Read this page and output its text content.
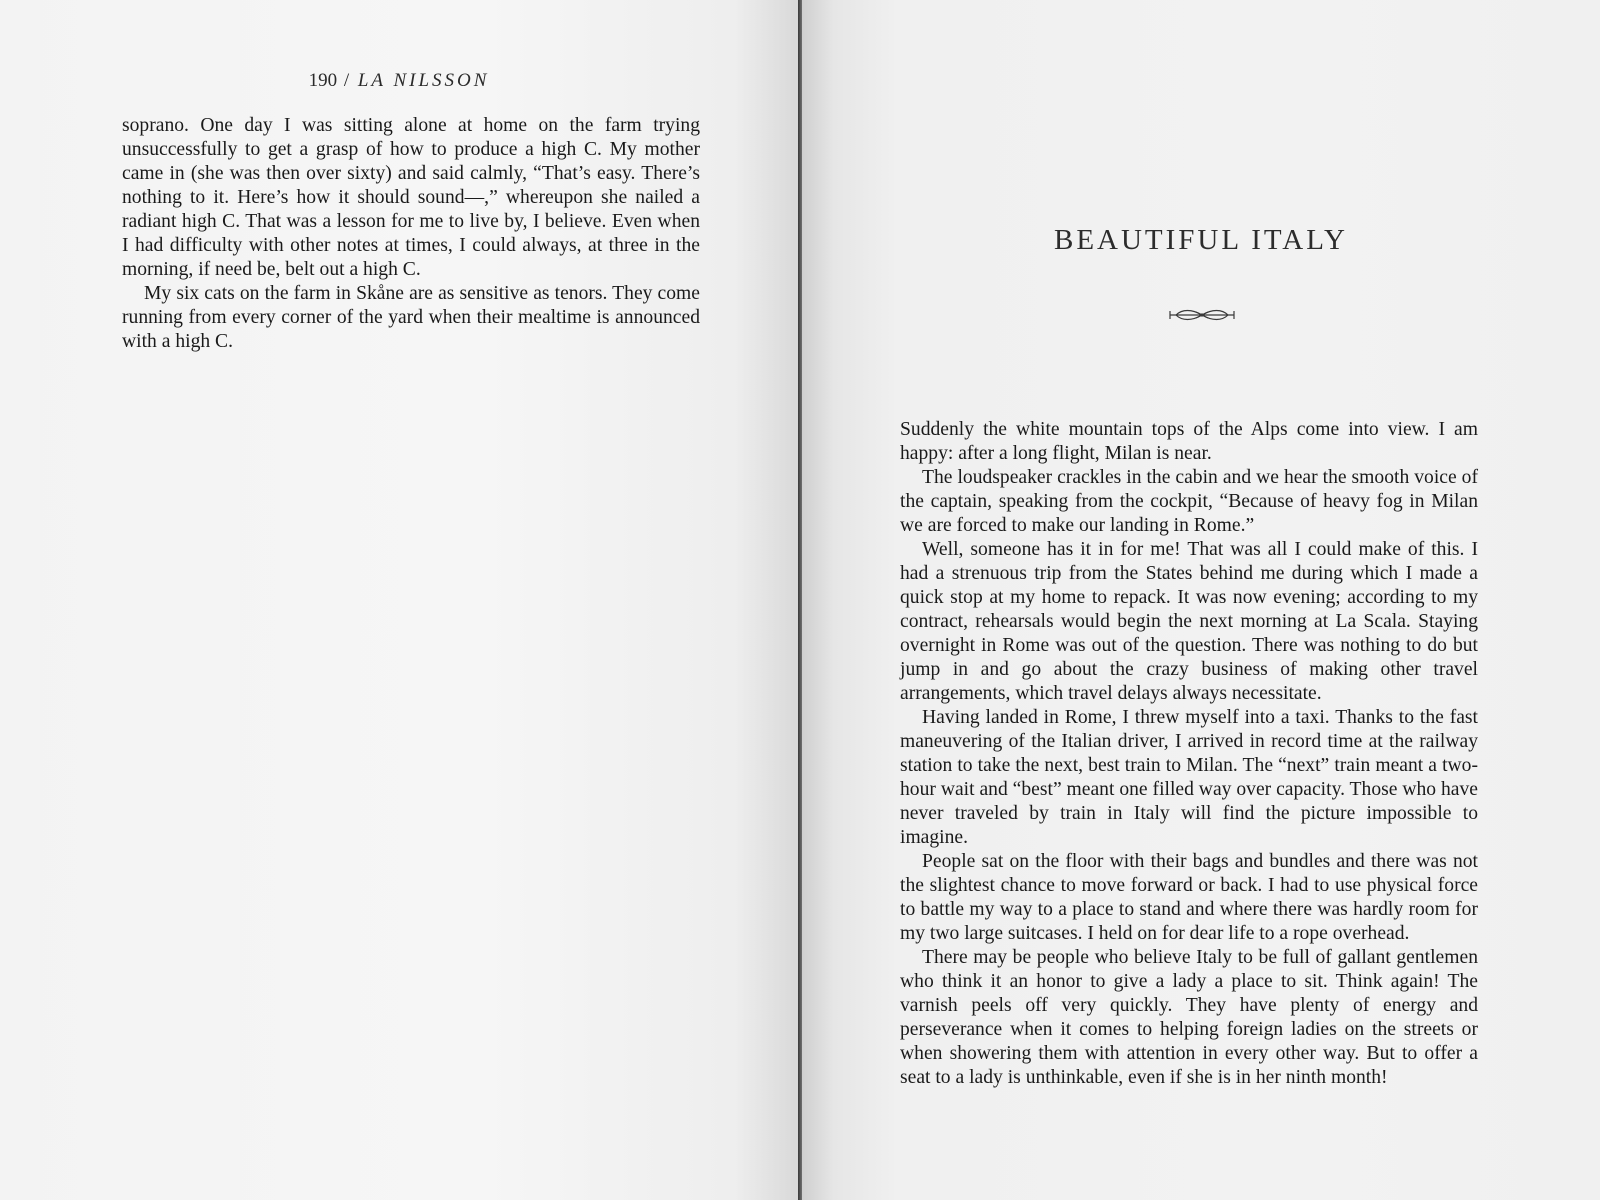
190 / LA NILSSON

soprano. One day I was sitting alone at home on the farm trying unsuccessfully to get a grasp of how to produce a high C. My mother came in (she was then over sixty) and said calmly, “That’s easy. There’s nothing to it. Here’s how it should sound—,” whereupon she nailed a radiant high C. That was a lesson for me to live by, I believe. Even when I had difficulty with other notes at times, I could always, at three in the morning, if need be, belt out a high C.

My six cats on the farm in Skåne are as sensitive as tenors. They come running from every corner of the yard when their mealtime is announced with a high C.

BEAUTIFUL ITALY

Suddenly the white mountain tops of the Alps come into view. I am happy: after a long flight, Milan is near.

The loudspeaker crackles in the cabin and we hear the smooth voice of the captain, speaking from the cockpit, “Because of heavy fog in Milan we are forced to make our landing in Rome.”

Well, someone has it in for me! That was all I could make of this. I had a strenuous trip from the States behind me during which I made a quick stop at my home to repack. It was now evening; according to my contract, rehearsals would begin the next morning at La Scala. Staying overnight in Rome was out of the question. There was nothing to do but jump in and go about the crazy business of making other travel arrangements, which travel delays always necessitate.

Having landed in Rome, I threw myself into a taxi. Thanks to the fast maneuvering of the Italian driver, I arrived in record time at the railway station to take the next, best train to Milan. The “next” train meant a two-hour wait and “best” meant one filled way over capacity. Those who have never traveled by train in Italy will find the picture impossible to imagine.

People sat on the floor with their bags and bundles and there was not the slightest chance to move forward or back. I had to use physical force to battle my way to a place to stand and where there was hardly room for my two large suitcases. I held on for dear life to a rope overhead.

There may be people who believe Italy to be full of gallant gentlemen who think it an honor to give a lady a place to sit. Think again! The varnish peels off very quickly. They have plenty of energy and perseverance when it comes to helping foreign ladies on the streets or when showering them with attention in every other way. But to offer a seat to a lady is unthinkable, even if she is in her ninth month!
